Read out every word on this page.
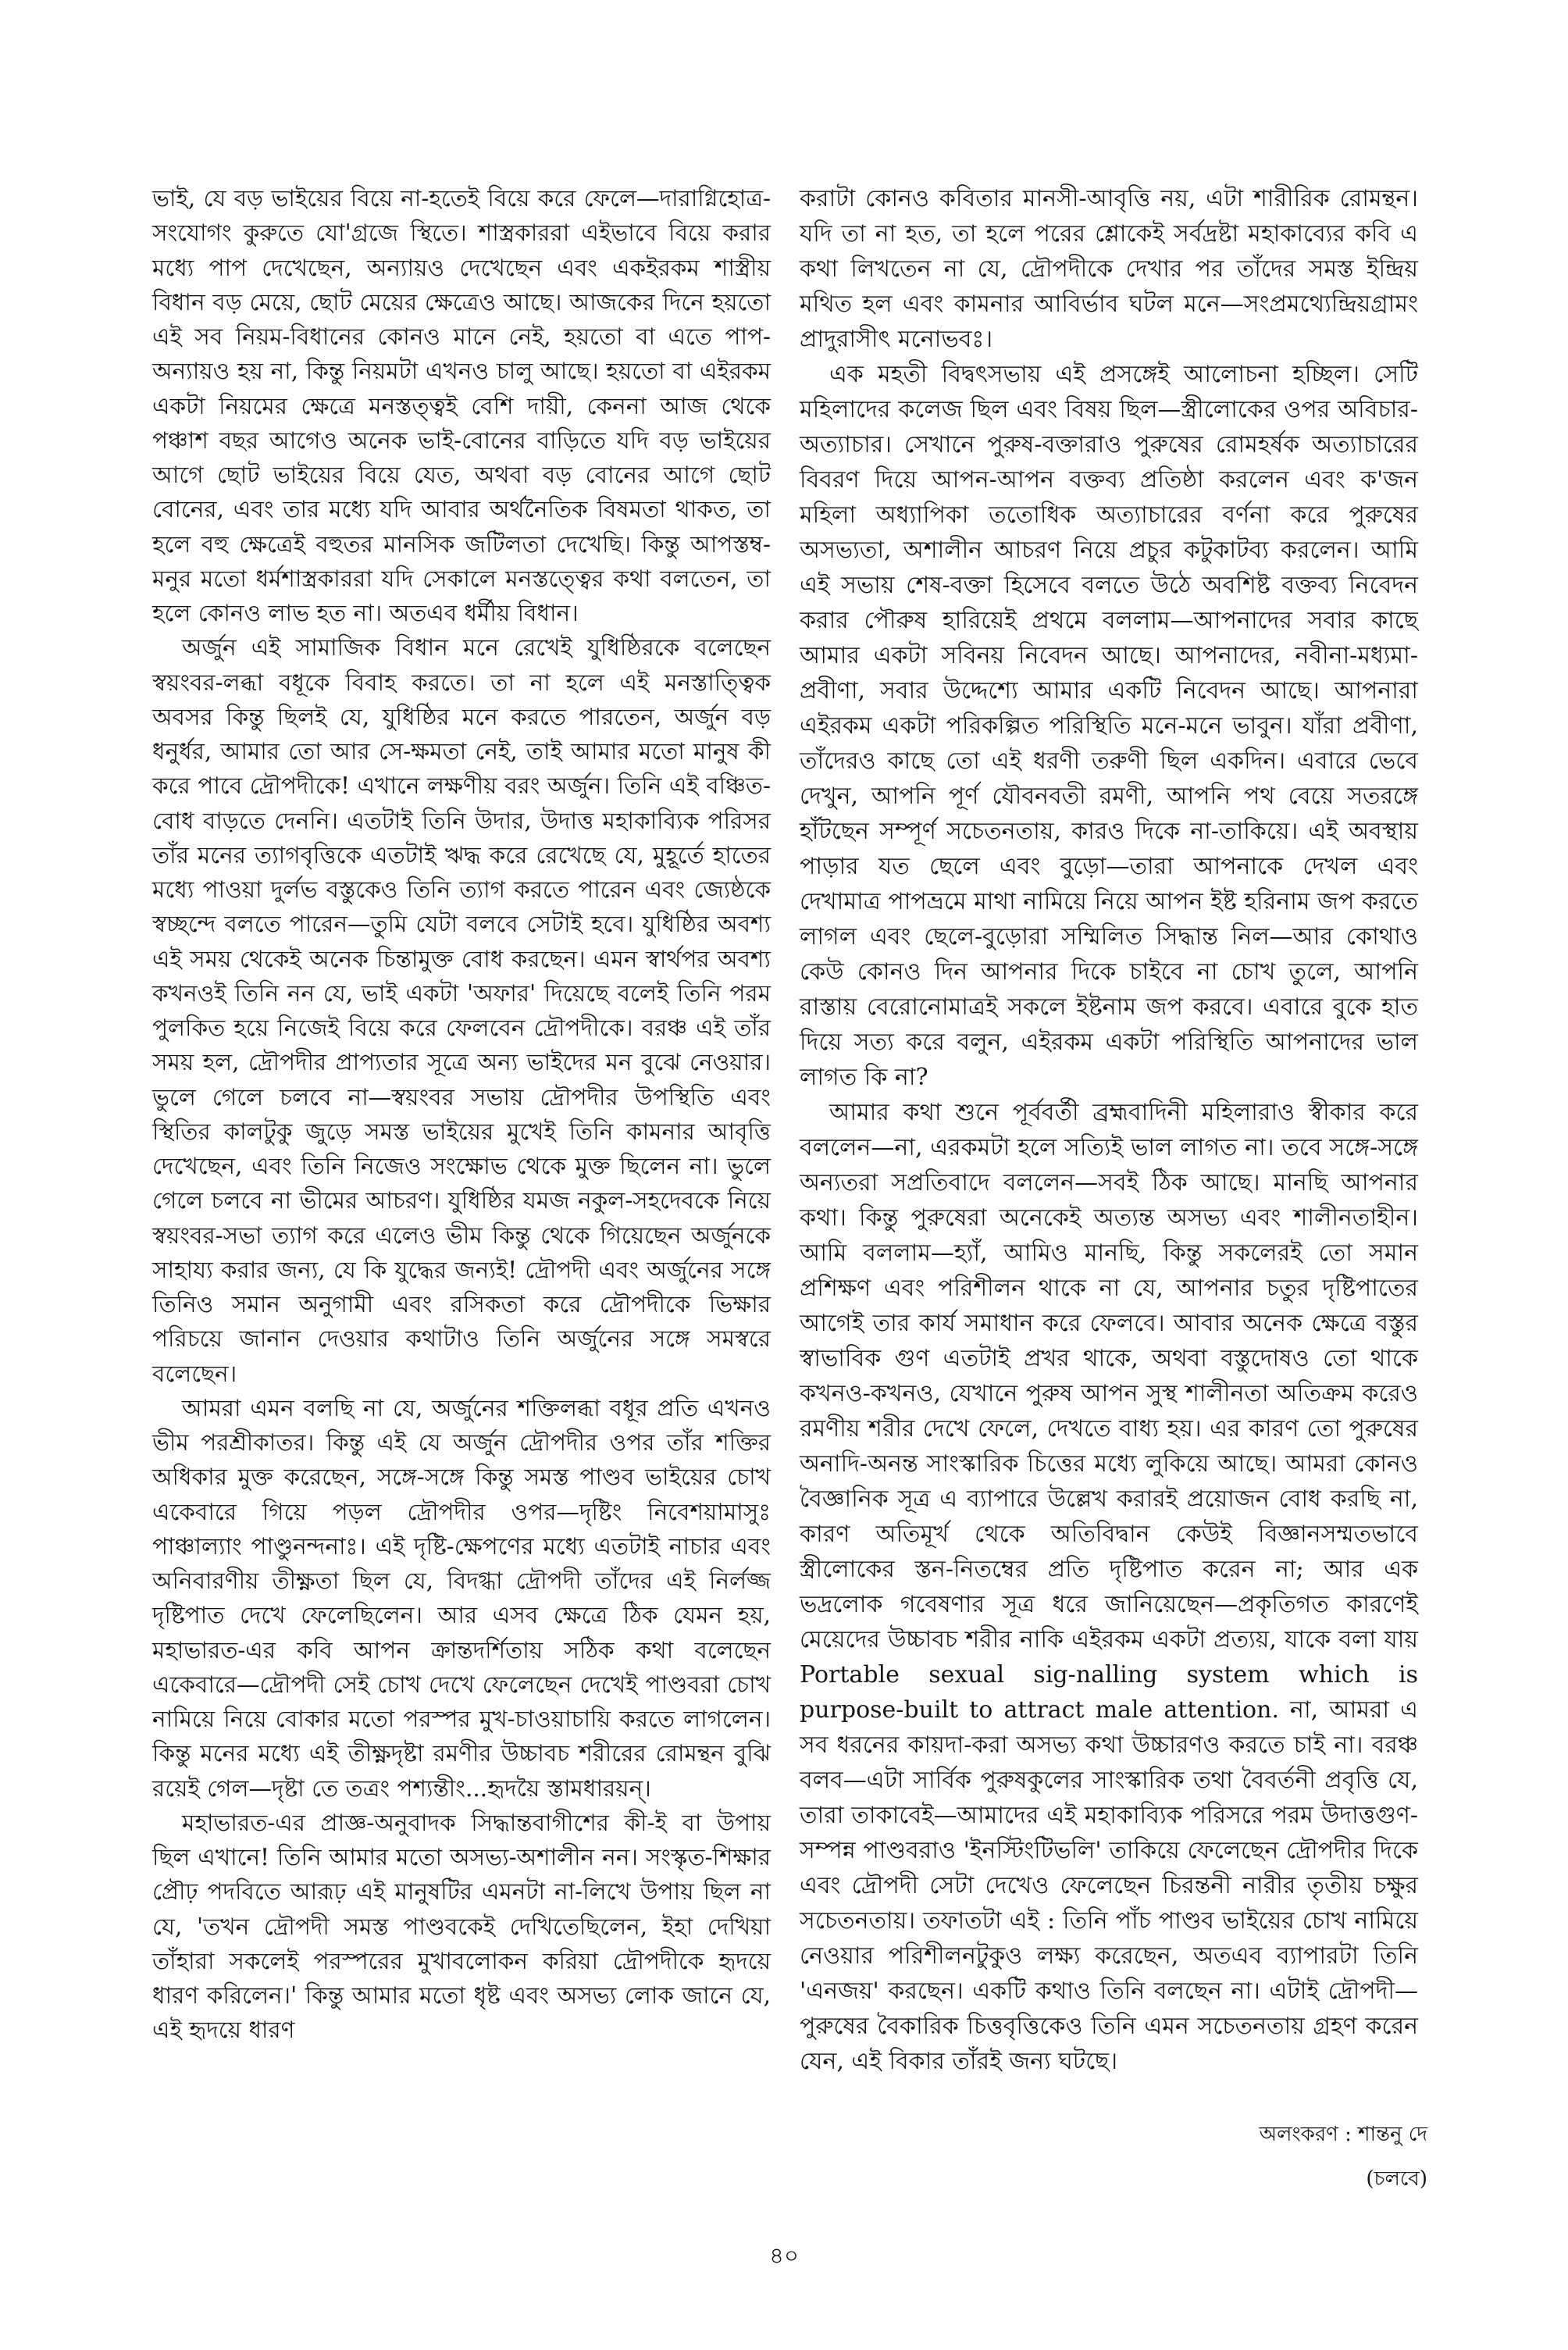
ভাই, যে বড় ভাইয়ের বিয়ে না-হতেই বিয়ে করে ফেলে—দারাগ্নিহোত্র-সংযোগং কুরুতে যো'গ্রজে স্থিতে। শাস্ত্রকাররা এইভাবে বিয়ে করার মধ্যে পাপ দেখেছেন, অন্যায়ও দেখেছেন এবং একইরকম শাস্ত্রীয় বিধান বড় মেয়ে, ছোট মেয়ের ক্ষেত্রেও আছে। আজকের দিনে হয়তো এই সব নিয়ম-বিধানের কোনও মানে নেই, হয়তো বা এতে পাপ-অন্যায়ও হয় না, কিন্তু নিয়মটা এখনও চালু আছে। হয়তো বা এইরকম একটা নিয়মের ক্ষেত্রে মনস্তত্ত্বই বেশি দায়ী, কেননা আজ থেকে পঞ্চাশ বছর আগেও অনেক ভাই-বোনের বাড়িতে যদি বড় ভাইয়ের আগে ছোট ভাইয়ের বিয়ে যেত, অথবা বড় বোনের আগে ছোট বোনের, এবং তার মধ্যে যদি আবার অর্থনৈতিক বিষমতা থাকত, তা হলে বহু ক্ষেত্রেই বহুতর মানসিক জটিলতা দেখেছি। কিন্তু আপস্তম্ব-মনুর মতো ধর্মশাস্ত্রকাররা যদি সেকালে মনস্তত্ত্বের কথা বলতেন, তা হলে কোনও লাভ হত না। অতএব ধর্মীয় বিধান।

অর্জুন এই সামাজিক বিধান মনে রেখেই যুধিষ্ঠিরকে বলেছেন স্বয়ংবর-লব্ধা বধূকে বিবাহ করতে। তা না হলে এই মনস্তাত্ত্বিক অবসর কিন্তু ছিলই যে, যুধিষ্ঠির মনে করতে পারতেন, অর্জুন বড় ধনুর্ধর, আমার তো আর সে-ক্ষমতা নেই, তাই আমার মতো মানুষ কী করে পাবে দ্রৌপদীকে! এখানে লক্ষণীয় বরং অর্জুন। তিনি এই বঞ্চিত-বোধ বাড়তে দেননি। এতটাই তিনি উদার, উদাত্ত মহাকাব্যিক পরিসর তাঁর মনের ত্যাগবৃত্তিকে এতটাই ঋদ্ধ করে রেখেছে যে, মুহূর্তে হাতের মধ্যে পাওয়া দুর্লভ বস্তুকেও তিনি ত্যাগ করতে পারেন এবং জ্যেষ্ঠকে স্বচ্ছন্দে বলতে পারেন—তুমি যেটা বলবে সেটাই হবে। যুধিষ্ঠির অবশ্য এই সময় থেকেই অনেক চিন্তামুক্ত বোধ করছেন। এমন স্বার্থপর অবশ্য কখনওই তিনি নন যে, ভাই একটা 'অফার' দিয়েছে বলেই তিনি পরম পুলকিত হয়ে নিজেই বিয়ে করে ফেলবেন দ্রৌপদীকে। বরঞ্চ এই তাঁর সময় হল, দ্রৌপদীর প্রাপ্যতার সূত্রে অন্য ভাইদের মন বুঝে নেওয়ার। ভুলে গেলে চলবে না—স্বয়ংবর সভায় দ্রৌপদীর উপস্থিতি এবং স্থিতির কালটুকু জুড়ে সমস্ত ভাইয়ের মুখেই তিনি কামনার আবৃত্তি দেখেছেন, এবং তিনি নিজেও সংক্ষোভ থেকে মুক্ত ছিলেন না। ভুলে গেলে চলবে না ভীমের আচরণ। যুধিষ্ঠির যমজ নকুল-সহদেবকে নিয়ে স্বয়ংবর-সভা ত্যাগ করে এলেও ভীম কিন্তু থেকে গিয়েছেন অর্জুনকে সাহায্য করার জন্য, যে কি যুদ্ধের জন্যই! দ্রৌপদী এবং অর্জুনের সঙ্গে তিনিও সমান অনুগামী এবং রসিকতা করে দ্রৌপদীকে ভিক্ষার পরিচয়ে জানান দেওয়ার কথাটাও তিনি অর্জুনের সঙ্গে সমস্বরে বলেছেন।

আমরা এমন বলছি না যে, অর্জুনের শক্তিলব্ধা বধূর প্রতি এখনও ভীম পরশ্রীকাতর। কিন্তু এই যে অর্জুন দ্রৌপদীর ওপর তাঁর শক্তির অধিকার মুক্ত করেছেন, সঙ্গে-সঙ্গে কিন্তু সমস্ত পাণ্ডব ভাইয়ের চোখ একেবারে গিয়ে পড়ল দ্রৌপদীর ওপর—দৃষ্টিং নিবেশয়ামাসুঃ পাঞ্চাল্যাং পাণ্ডুনন্দনাঃ। এই দৃষ্টি-ক্ষেপণের মধ্যে এতটাই নাচার এবং অনিবারণীয় তীক্ষ্ণতা ছিল যে, বিদগ্ধা দ্রৌপদী তাঁদের এই নির্লজ্জ দৃষ্টিপাত দেখে ফেলেছিলেন। আর এসব ক্ষেত্রে ঠিক যেমন হয়, মহাভারত-এর কবি আপন ক্রান্তদর্শিতায় সঠিক কথা বলেছেন একেবারে—দ্রৌপদী সেই চোখ দেখে ফেলেছেন দেখেই পাণ্ডবরা চোখ নামিয়ে নিয়ে বোকার মতো পরস্পর মুখ-চাওয়াচায়ি করতে লাগলেন। কিন্তু মনের মধ্যে এই তীক্ষ্ণদৃষ্টা রমণীর উচ্চাবচ শরীরের রোমন্থন বুঝি রয়েই গেল—দৃষ্টা তে তত্রং পশ্যন্তীং...হৃদয়ৈ স্তামধারয়ন্।

মহাভারত-এর প্রাজ্ঞ-অনুবাদক সিদ্ধান্তবাগীশের কী-ই বা উপায় ছিল এখানে! তিনি আমার মতো অসভ্য-অশালীন নন। সংস্কৃত-শিক্ষার প্রৌঢ় পদবিতে আরূঢ় এই মানুষটির এমনটা না-লিখে উপায় ছিল না যে, 'তখন দ্রৌপদী সমস্ত পাণ্ডবকেই দেখিতেছিলেন, ইহা দেখিয়া তাঁহারা সকলেই পরস্পরের মুখাবলোকন করিয়া দ্রৌপদীকে হৃদয়ে ধারণ করিলেন।' কিন্তু আমার মতো ধৃষ্ট এবং অসভ্য লোক জানে যে, এই হৃদয়ে ধারণ

করাটা কোনও কবিতার মানসী-আবৃত্তি নয়, এটা শারীরিক রোমন্থন। যদি তা না হত, তা হলে পরের শ্লোকেই সর্বদ্রষ্টা মহাকাব্যের কবি এ কথা লিখতেন না যে, দ্রৌপদীকে দেখার পর তাঁদের সমস্ত ইন্দ্রিয় মথিত হল এবং কামনার আবির্ভাব ঘটল মনে—সংপ্রমথ্যেন্দ্রিয়গ্রামং প্রাদুরাসীৎ মনোভবঃ।

এক মহতী বিদ্বৎসভায় এই প্রসঙ্গেই আলোচনা হচ্ছিল। সেটি মহিলাদের কলেজ ছিল এবং বিষয় ছিল—স্ত্রীলোকের ওপর অবিচার-অত্যাচার। সেখানে পুরুষ-বক্তারাও পুরুষের রোমহর্ষক অত্যাচারের বিবরণ দিয়ে আপন-আপন বক্তব্য প্রতিষ্ঠা করলেন এবং ক'জন মহিলা অধ্যাপিকা ততোধিক অত্যাচারের বর্ণনা করে পুরুষের অসভ্যতা, অশালীন আচরণ নিয়ে প্রচুর কটুকাটব্য করলেন। আমি এই সভায় শেষ-বক্তা হিসেবে বলতে উঠে অবশিষ্ট বক্তব্য নিবেদন করার পৌরুষ হারিয়েই প্রথমে বললাম—আপনাদের সবার কাছে আমার একটা সবিনয় নিবেদন আছে। আপনাদের, নবীনা-মধ্যমা-প্রবীণা, সবার উদ্দেশ্যে আমার একটি নিবেদন আছে। আপনারা এইরকম একটা পরিকল্পিত পরিস্থিতি মনে-মনে ভাবুন। যাঁরা প্রবীণা, তাঁদেরও কাছে তো এই ধরণী তরুণী ছিল একদিন। এবারে ভেবে দেখুন, আপনি পূর্ণ যৌবনবতী রমণী, আপনি পথ বেয়ে সতরঙ্গে হাঁটছেন সম্পূর্ণ সচেতনতায়, কারও দিকে না-তাকিয়ে। এই অবস্থায় পাড়ার যত ছেলে এবং বুড়ো—তারা আপনাকে দেখল এবং দেখামাত্র পাপভ্রমে মাথা নামিয়ে নিয়ে আপন ইষ্ট হরিনাম জপ করতে লাগল এবং ছেলে-বুড়োরা সম্মিলিত সিদ্ধান্ত নিল—আর কোথাও কেউ কোনও দিন আপনার দিকে চাইবে না চোখ তুলে, আপনি রাস্তায় বেরোনোমাত্রই সকলে ইষ্টনাম জপ করবে। এবারে বুকে হাত দিয়ে সত্য করে বলুন, এইরকম একটা পরিস্থিতি আপনাদের ভাল লাগত কি না?

আমার কথা শুনে পূর্ববর্তী ব্রহ্মবাদিনী মহিলারাও স্বীকার করে বললেন—না, এরকমটা হলে সত্যিই ভাল লাগত না। তবে সঙ্গে-সঙ্গে অন্যতরা সপ্রতিবাদে বললেন—সবই ঠিক আছে। মানছি আপনার কথা। কিন্তু পুরুষেরা অনেকেই অত্যন্ত অসভ্য এবং শালীনতাহীন। আমি বললাম—হ্যাঁ, আমিও মানছি, কিন্তু সকলেরই তো সমান প্রশিক্ষণ এবং পরিশীলন থাকে না যে, আপনার চতুর দৃষ্টিপাতের আগেই তার কার্য সমাধান করে ফেলবে। আবার অনেক ক্ষেত্রে বস্তুর স্বাভাবিক গুণ এতটাই প্রখর থাকে, অথবা বস্তুদোষও তো থাকে কখনও-কখনও, যেখানে পুরুষ আপন সুস্থ শালীনতা অতিক্রম করেও রমণীয় শরীর দেখে ফেলে, দেখতে বাধ্য হয়। এর কারণ তো পুরুষের অনাদি-অনন্ত সাংস্কারিক চিত্তের মধ্যে লুকিয়ে আছে। আমরা কোনও বৈজ্ঞানিক সূত্র এ ব্যাপারে উল্লেখ করারই প্রয়োজন বোধ করছি না, কারণ অতিমূর্খ থেকে অতিবিদ্বান কেউই বিজ্ঞানসম্মতভাবে স্ত্রীলোকের স্তন-নিতম্বের প্রতি দৃষ্টিপাত করেন না; আর এক ভদ্রলোক গবেষণার সূত্র ধরে জানিয়েছেন—প্রকৃতিগত কারণেই মেয়েদের উচ্চাবচ শরীর নাকি এইরকম একটা প্রত্যয়, যাকে বলা যায় Portable sexual sig-nalling system which is purpose-built to attract male attention. না, আমরা এ সব ধরনের কায়দা-করা অসভ্য কথা উচ্চারণও করতে চাই না। বরঞ্চ বলব—এটা সার্বিক পুরুষকুলের সাংস্কারিক তথা বৈবর্তনী প্রবৃত্তি যে, তারা তাকাবেই—আমাদের এই মহাকাব্যিক পরিসরে পরম উদাত্তগুণ-সম্পন্ন পাণ্ডবরাও 'ইনস্টিংটিভলি' তাকিয়ে ফেলেছেন দ্রৌপদীর দিকে এবং দ্রৌপদী সেটা দেখেও ফেলেছেন চিরন্তনী নারীর তৃতীয় চক্ষুর সচেতনতায়। তফাতটা এই : তিনি পাঁচ পাণ্ডব ভাইয়ের চোখ নামিয়ে নেওয়ার পরিশীলনটুকুও লক্ষ্য করেছেন, অতএব ব্যাপারটা তিনি 'এনজয়' করছেন। একটি কথাও তিনি বলছেন না। এটাই দ্রৌপদী—পুরুষের বৈকারিক চিত্তবৃত্তিকেও তিনি এমন সচেতনতায় গ্রহণ করেন যেন, এই বিকার তাঁরই জন্য ঘটছে।

অলংকরণ : শান্তনু দে

(চলবে)

৪০
